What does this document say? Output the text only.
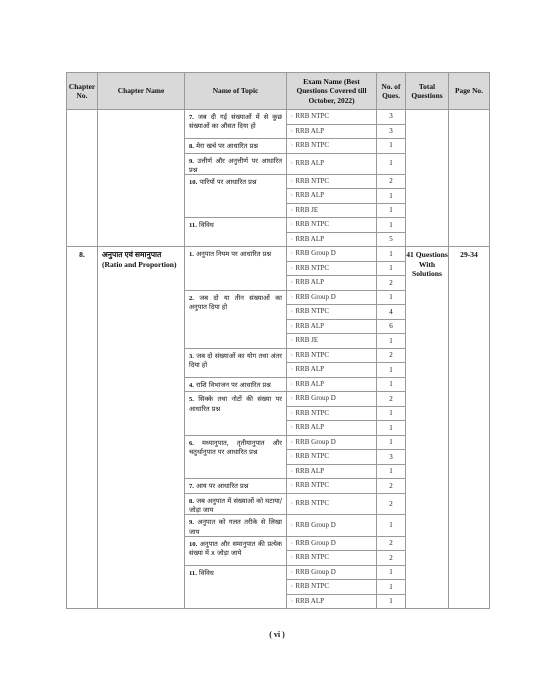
Chapter No.	Chapter Name	Name of Topic	Exam Name (Best Questions Covered till October, 2022)	No. of Ques.	Total Questions	Page No.
		7. जब दी गई संख्याओं में से कुछ संख्याओं का औसत दिया हो	> RRB NTPC	3		
			> RRB ALP	3		
		8. मेरा खर्च पर आधारित प्रश्न	> RRB NTPC	1		
		9. उत्तीर्ण और अनुत्तीर्ण पर आधारित प्रश्न	> RRB ALP	1		
		10. पारियों पर आधारित प्रश्न	> RRB NTPC	2		
			> RRB ALP	1		
			> RRB JE	1		
		11. विविध	> RRB NTPC	1		
			> RRB ALP	5		
8.	अनुपात एवं समानुपात (Ratio and Proportion)	1. अनुपात नियम पर आधारित प्रश्न	> RRB Group D	1	41 Questions With Solutions	29-34
			> RRB NTPC	1		
			> RRB ALP	2		
		2. जब दो या तीन संख्याओं का अनुपात दिया हो	> RRB Group D	1		
			> RRB NTPC	4		
			> RRB ALP	6		
			> RRB JE	1		
		3. जब दो संख्याओं का योग तथा अंतर दिया हो	> RRB NTPC	2		
			> RRB ALP	1		
		4. राशि विभाजन पर आधारित प्रश्न	> RRB ALP	1		
		5. सिक्के तथा नोटों की संख्या पर आधारित प्रश्न	> RRB Group D	2		
			> RRB NTPC	1		
			> RRB ALP	1		
		6. मध्यानुपात, तृतीयानुपात और चतुर्थानुपात पर आधारित प्रश्न	> RRB Group D	1		
			> RRB NTPC	3		
			> RRB ALP	1		
		7. आय पर आधारित प्रश्न	> RRB NTPC	2		
		8. जब अनुपात में संख्याओं को घटाया/जोड़ा जाय	> RRB NTPC	2		
		9. अनुपात को गलत तरीके से लिखा जाय	> RRB Group D	1		
		10. अनुपात और समानुपात की प्रत्येक संख्या में x जोड़ा जाये	> RRB Group D	2		
			> RRB NTPC	2		
		11. विविध	> RRB Group D	1		
			> RRB NTPC	1		
			> RRB ALP	1		
( vi )
